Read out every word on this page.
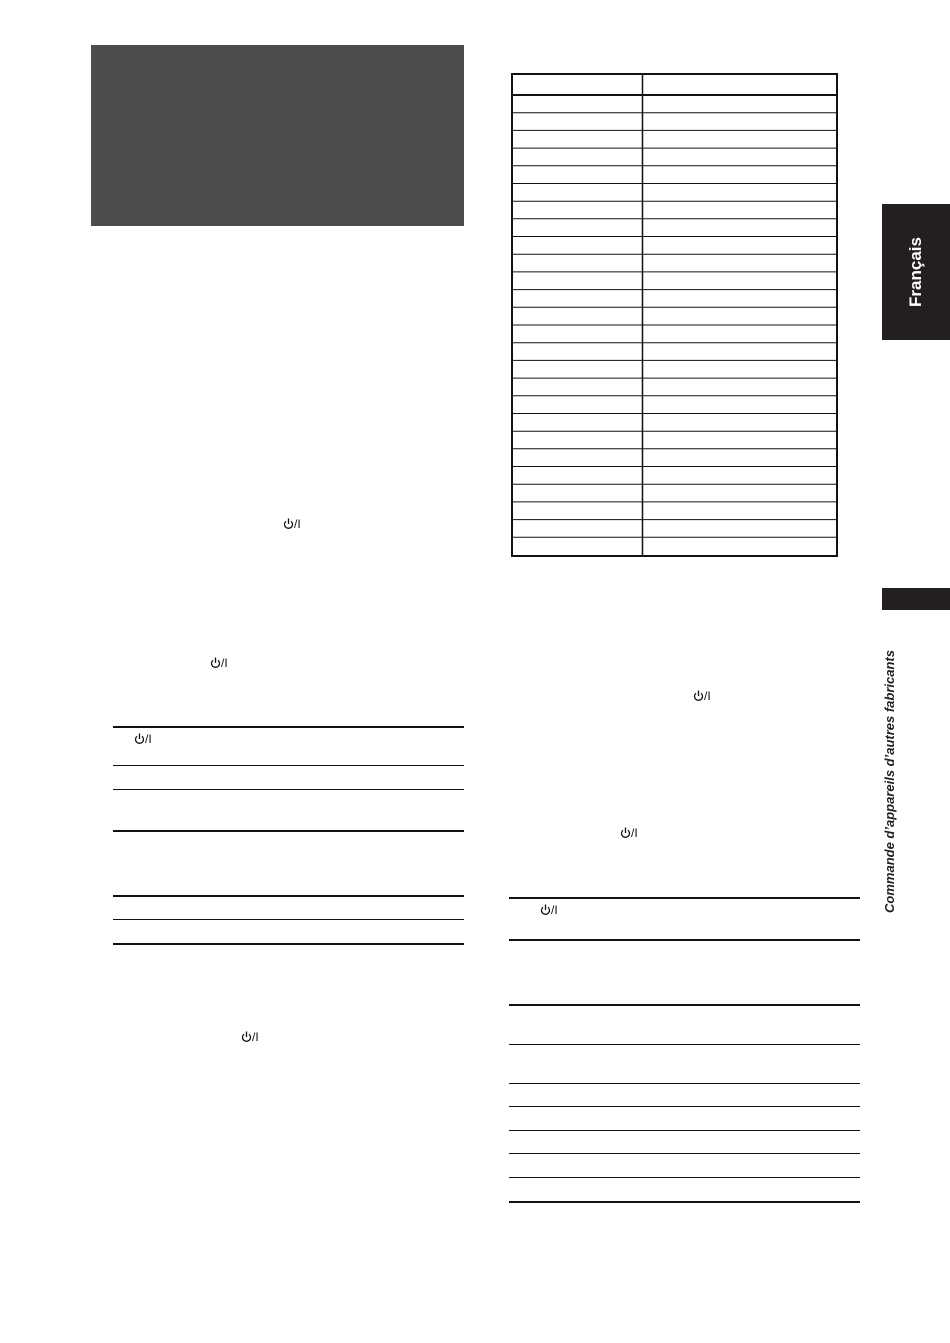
Français
Commande d’appareils d’autres fabricants
/I
/I
/I
/I
/I
/I
/I
